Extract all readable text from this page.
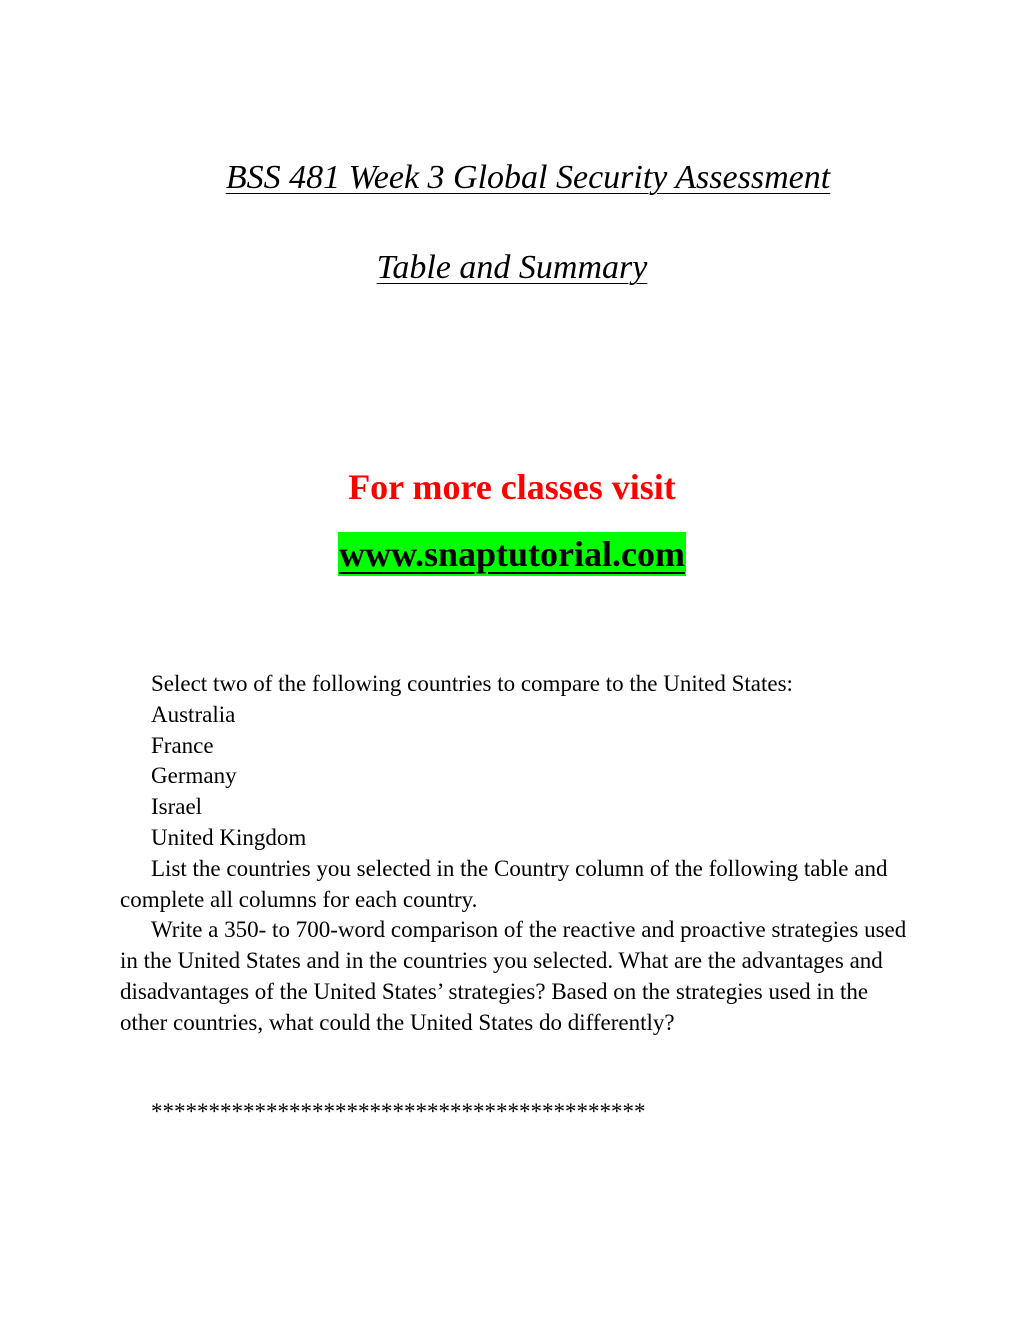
BSS 481 Week 3 Global Security Assessment
Table and Summary
For more classes visit
www.snaptutorial.com

Select two of the following countries to compare to the United States:

Australia

France

Germany

Israel

United Kingdom

List the countries you selected in the Country column of the following table and complete all columns for each country.

Write a 350- to 700-word comparison of the reactive and proactive strategies used in the United States and in the countries you selected. What are the advantages and disadvantages of the United States’ strategies? Based on the strategies used in the other countries, what could the United States do differently?

*******************************************
